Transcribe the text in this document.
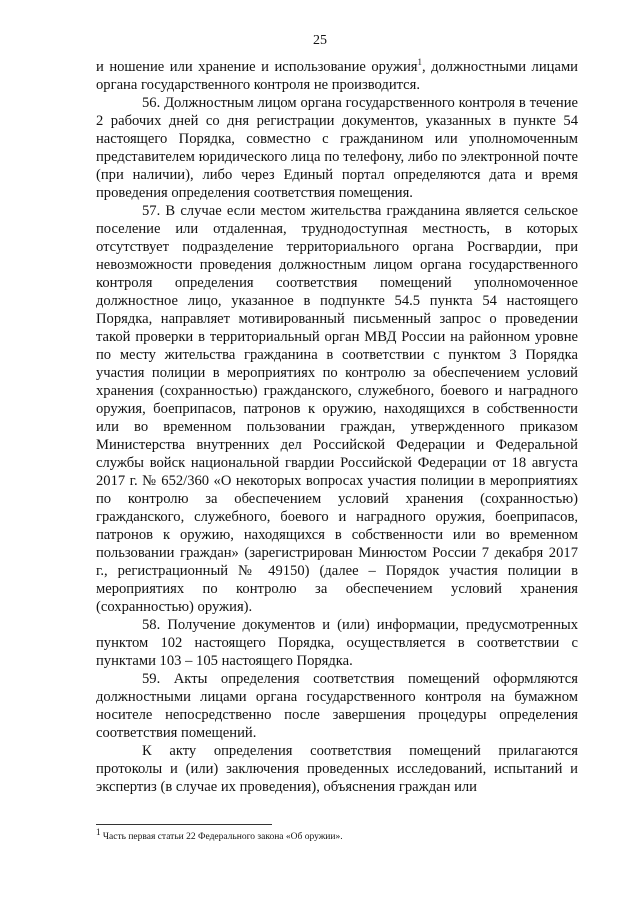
25

и ношение или хранение и использование оружия$^1$, должностными лицами органа государственного контроля не производится.

56. Должностным лицом органа государственного контроля в течение 2 рабочих дней со дня регистрации документов, указанных в пункте 54 настоящего Порядка, совместно с гражданином или уполномоченным представителем юридического лица по телефону, либо по электронной почте (при наличии), либо через Единый портал определяются дата и время проведения определения соответствия помещения.

57. В случае если местом жительства гражданина является сельское поселение или отдаленная, труднодоступная местность, в которых отсутствует подразделение территориального органа Росгвардии, при невозможности проведения должностным лицом органа государственного контроля определения соответствия помещений уполномоченное должностное лицо, указанное в подпункте 54.5 пункта 54 настоящего Порядка, направляет мотивированный письменный запрос о проведении такой проверки в территориальный орган МВД России на районном уровне по месту жительства гражданина в соответствии с пунктом 3 Порядка участия полиции в мероприятиях по контролю за обеспечением условий хранения (сохранностью) гражданского, служебного, боевого и наградного оружия, боеприпасов, патронов к оружию, находящихся в собственности или во временном пользовании граждан, утвержденного приказом Министерства внутренних дел Российской Федерации и Федеральной службы войск национальной гвардии Российской Федерации от 18 августа 2017 г. № 652/360 «О некоторых вопросах участия полиции в мероприятиях по контролю за обеспечением условий хранения (сохранностью) гражданского, служебного, боевого и наградного оружия, боеприпасов, патронов к оружию, находящихся в собственности или во временном пользовании граждан» (зарегистрирован Минюстом России 7 декабря 2017 г., регистрационный № 49150) (далее – Порядок участия полиции в мероприятиях по контролю за обеспечением условий хранения (сохранностью) оружия).

58. Получение документов и (или) информации, предусмотренных пунктом 102 настоящего Порядка, осуществляется в соответствии с пунктами 103 – 105 настоящего Порядка.

59. Акты определения соответствия помещений оформляются должностными лицами органа государственного контроля на бумажном носителе непосредственно после завершения процедуры определения соответствия помещений.

К акту определения соответствия помещений прилагаются протоколы и (или) заключения проведенных исследований, испытаний и экспертиз (в случае их проведения), объяснения граждан или

$^1$ Часть первая статьи 22 Федерального закона «Об оружии».
